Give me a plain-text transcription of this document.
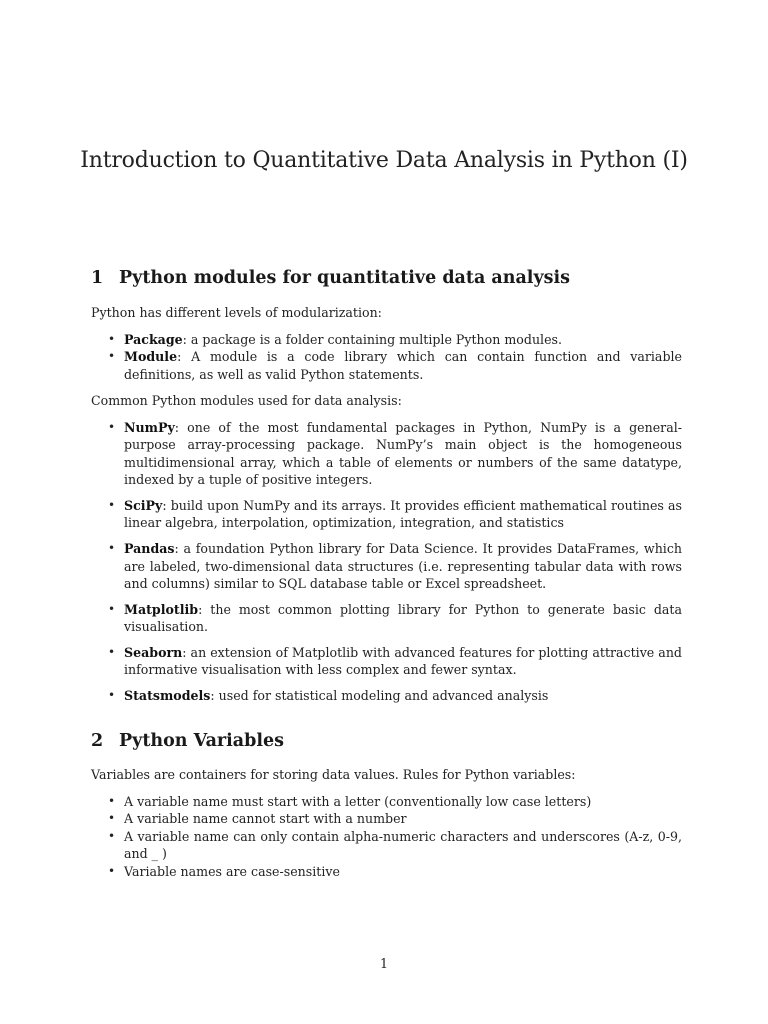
Introduction to Quantitative Data Analysis in Python (I)
1 Python modules for quantitative data analysis

Python has different levels of modularization:

• Package: a package is a folder containing multiple Python modules.
• Module: A module is a code library which can contain function and variable definitions, as well as valid Python statements.

Common Python modules used for data analysis:

• NumPy: one of the most fundamental packages in Python, NumPy is a general-purpose array-processing package. NumPy’s main object is the homogeneous multidimensional array, which a table of elements or numbers of the same datatype, indexed by a tuple of positive integers.
• SciPy: build upon NumPy and its arrays. It provides efficient mathematical routines as linear algebra, interpolation, optimization, integration, and statistics
• Pandas: a foundation Python library for Data Science. It provides DataFrames, which are labeled, two-dimensional data structures (i.e. representing tabular data with rows and columns) similar to SQL database table or Excel spreadsheet.
• Matplotlib: the most common plotting library for Python to generate basic data visualisation.
• Seaborn: an extension of Matplotlib with advanced features for plotting attractive and informative visualisation with less complex and fewer syntax.
• Statsmodels: used for statistical modeling and advanced analysis
2 Python Variables

Variables are containers for storing data values. Rules for Python variables:

• A variable name must start with a letter (conventionally low case letters)
• A variable name cannot start with a number
• A variable name can only contain alpha-numeric characters and underscores (A-z, 0-9, and _ )
• Variable names are case-sensitive
1
